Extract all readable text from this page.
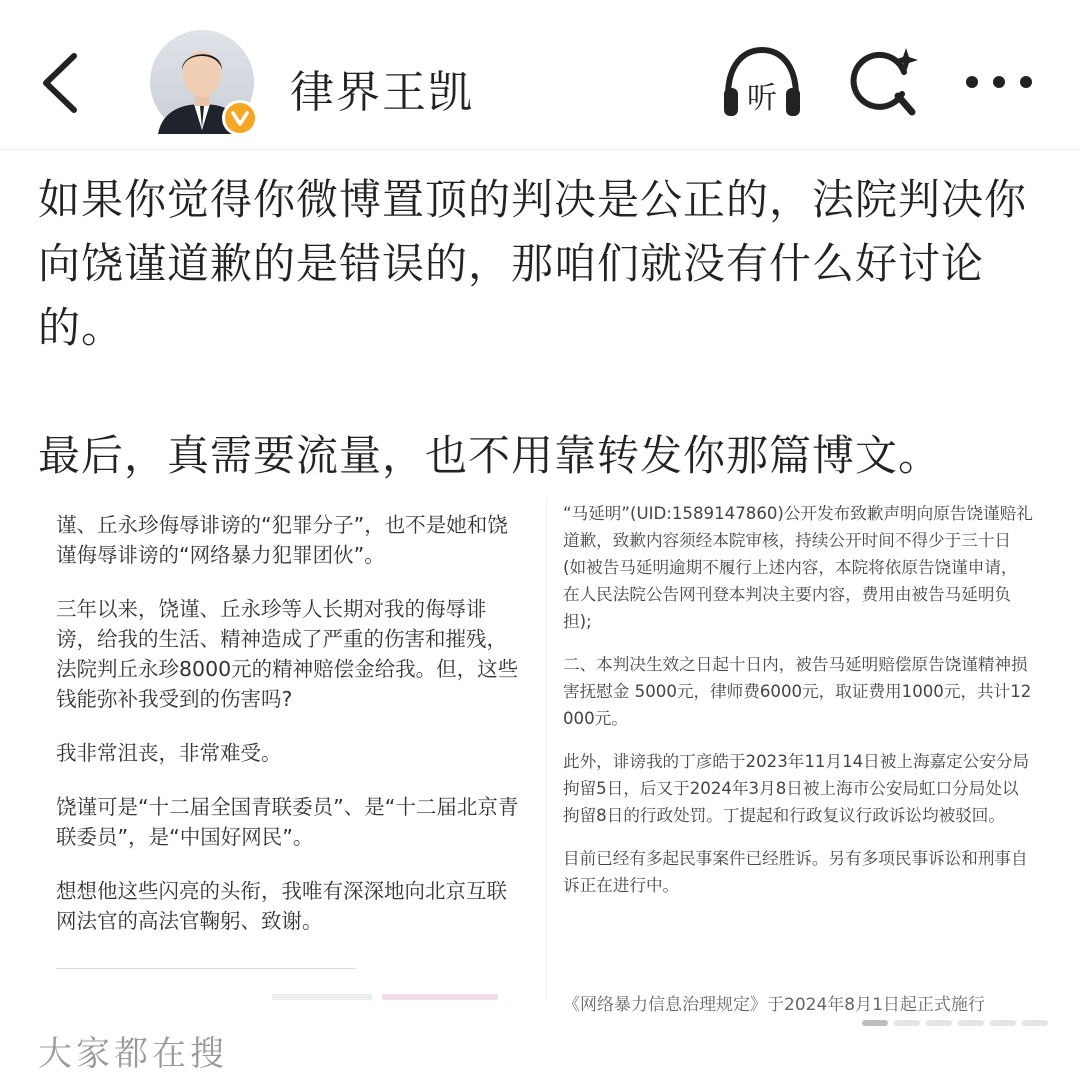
律界王凯	听

如果你觉得你微博置顶的判决是公正的，法院判决你向饶谨道歉的是错误的，那咱们就没有什么好讨论的。

最后，真需要流量，也不用靠转发你那篇博文。

谨、丘永珍侮辱诽谤的“犯罪分子”，也不是她和饶谨侮辱诽谤的“网络暴力犯罪团伙”。

三年以来，饶谨、丘永珍等人长期对我的侮辱诽谤，给我的生活、精神造成了严重的伤害和摧残，法院判丘永珍8000元的精神赔偿金给我。但，这些钱能弥补我受到的伤害吗?

我非常沮丧，非常难受。

饶谨可是“十二届全国青联委员”、是“十二届北京青联委员”，是“中国好网民”。

想想他这些闪亮的头衔，我唯有深深地向北京互联网法官的高法官鞠躬、致谢。

“马延明”(UID:1589147860)公开发布致歉声明向原告饶谨赔礼道歉，致歉内容须经本院审核，持续公开时间不得少于三十日(如被告马延明逾期不履行上述内容，本院将依原告饶谨申请，在人民法院公告网刊登本判决主要内容，费用由被告马延明负担);

二、本判决生效之日起十日内，被告马延明赔偿原告饶谨精神损害抚慰金 5000元，律师费6000元，取证费用1000元，共计12 000元。

此外，诽谤我的丁彦皓于2023年11月14日被上海嘉定公安分局拘留5日，后又于2024年3月8日被上海市公安局虹口分局处以拘留8日的行政处罚。丁提起和行政复议行政诉讼均被驳回。

目前已经有多起民事案件已经胜诉。另有多项民事诉讼和刑事自诉正在进行中。

《网络暴力信息治理规定》于2024年8月1日起正式施行
大家都在搜
